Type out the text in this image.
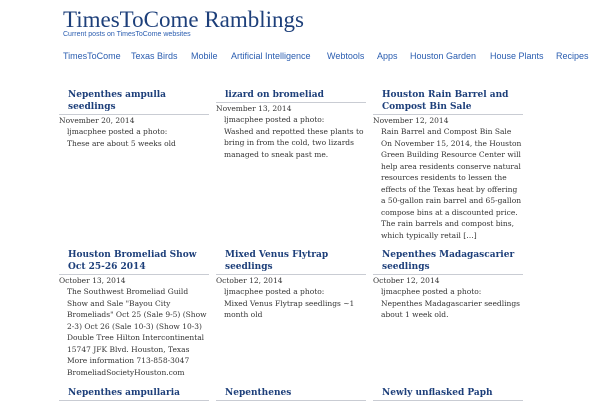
TimesToCome Ramblings
Current posts on TimesToCome websites
TimesToCome Texas Birds Mobile Artificial Intelligence Webtools Apps Houston Garden House Plants Recipes
Nepenthes ampulla seedlings
November 20, 2014

ljmacphee posted a photo:

These are about 5 weeks old

lizard on bromeliad
November 13, 2014

ljmacphee posted a photo:

Washed and repotted these plants to bring in from the cold, two lizards managed to sneak past me.

Houston Rain Barrel and Compost Bin Sale
November 12, 2014

Rain Barrel and Compost Bin Sale On November 15, 2014, the Houston Green Building Resource Center will help area residents conserve natural resources residents to lessen the effects of the Texas heat by offering a 50-gallon rain barrel and 65-gallon compose bins at a discounted price. The rain barrels and compost bins, which typically retail […]

Houston Bromeliad Show Oct 25-26 2014
October 13, 2014

The Southwest Bromeliad Guild Show and Sale "Bayou City Bromeliads" Oct 25 (Sale 9-5) (Show 2-3) Oct 26 (Sale 10-3) (Show 10-3) Double Tree Hilton Intercontinental 15747 JFK Blvd. Houston, Texas More information 713-858-3047 BromeliadSocietyHouston.com

Mixed Venus Flytrap seedlings
October 12, 2014

ljmacphee posted a photo:

Mixed Venus Flytrap seedlings ~1 month old

Nepenthes Madagascarier seedlings
October 12, 2014

ljmacphee posted a photo:

Nepenthes Madagascarier seedlings about 1 week old.

Nepenthes ampullaria	Nepenthenes	Newly unflasked Paph
